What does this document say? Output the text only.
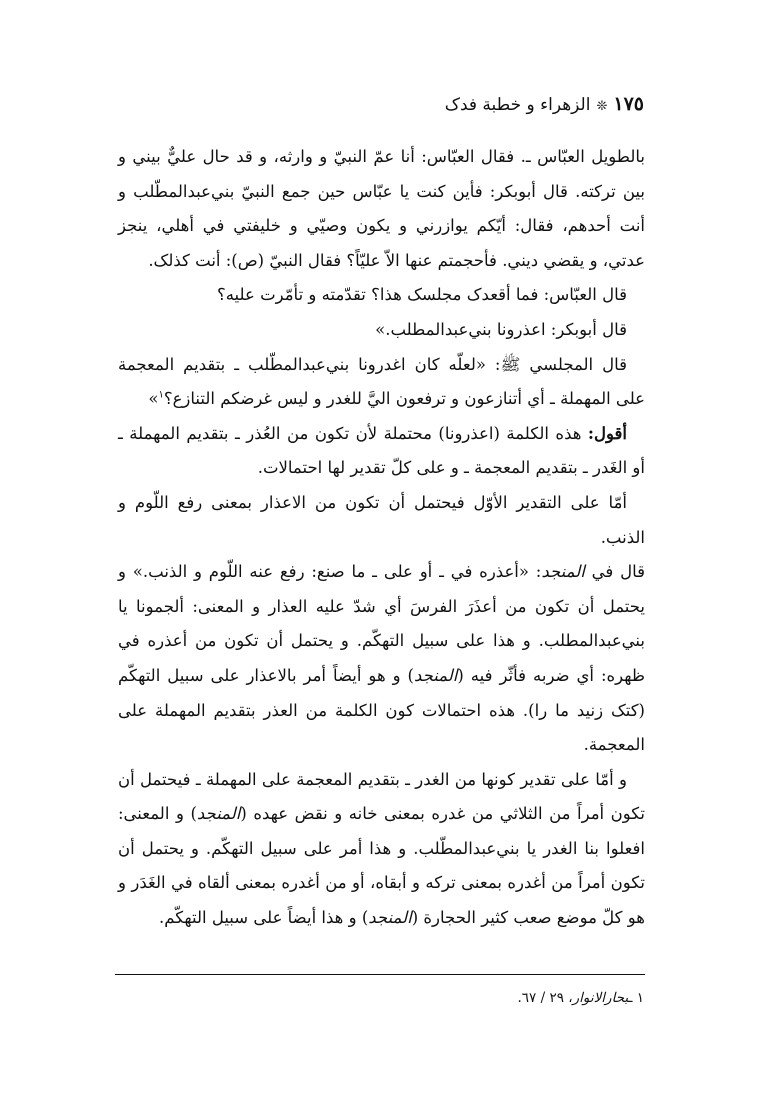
١٧٥❊الزهراء و خطبة فدک

بالطويل العبّاس ـ. فقال العبّاس: أنا عمّ النبيّ و وارثه، و قد حال عليٌّ بيني و بين تركته. قال أبوبكر: فأين كنت يا عبّاس حين جمع النبيّ بني‌عبدالمطّلب و أنت أحدهم، فقال: أيّكم يوازرني و يكون وصيّي و خليفتي في أهلي، ينجز عدتي، و يقضي ديني. فأحجمتم عنها الاّ عليّاً؟ فقال النبيّ (ص): أنت كذلک.

قال العبّاس: فما أقعدک مجلسک هذا؟ تقدّمته و تأمّرت عليه؟

قال أبوبكر: اعذرونا بني‌عبدالمطلب.»

قال المجلسي ﷺ: «لعلّه كان اغدرونا بني‌عبدالمطّلب ـ بتقديم المعجمة على المهملة ـ أي أتنازعون و ترفعون اليَّ للغدر و ليس غرضكم التنازع؟$^١$»

أقول: هذه الكلمة (اعذرونا) محتملة لأن تكون من العُذر ـ بتقديم المهملة ـ أو الغَدر ـ بتقديم المعجمة ـ و على كلّ تقدير لها احتمالات.

أمّا على التقدير الأوّل فيحتمل أن تكون من الاعذار بمعنى رفع اللّوم و الذنب.

قال في المنجد: «أعذره في ـ أو على ـ ما صنع: رفع عنه اللّوم و الذنب.» و يحتمل أن تكون من أعذَرَ الفرسَ أي شدّ عليه العذار و المعنى: ألجمونا يا بني‌عبدالمطلب. و هذا على سبيل التهكّم. و يحتمل أن تكون من أعذره في ظهره: أي ضربه فأثّر فيه (المنجد) و هو أيضاً أمر بالاعذار على سبيل التهكّم (كتک زنيد ما را). هذه احتمالات كون الكلمة من العذر بتقديم المهملة على المعجمة.

و أمّا على تقدير كونها من الغدر ـ بتقديم المعجمة على المهملة ـ فيحتمل أن تكون أمراً من الثلاثي من غدره بمعنى خانه و نقض عهده (المنجد) و المعنى: افعلوا بنا الغدر يا بني‌عبدالمطّلب. و هذا أمر على سبيل التهكّم. و يحتمل أن تكون أمراً من أغدره بمعنى تركه و أبقاه، أو من أغدره بمعنى ألقاه في الغَدَر و هو كلّ موضع صعب كثير الحجارة (المنجد) و هذا أيضاً على سبيل التهكّم.

١ ـبحارالانوار، ٢٩ / ٦٧.
